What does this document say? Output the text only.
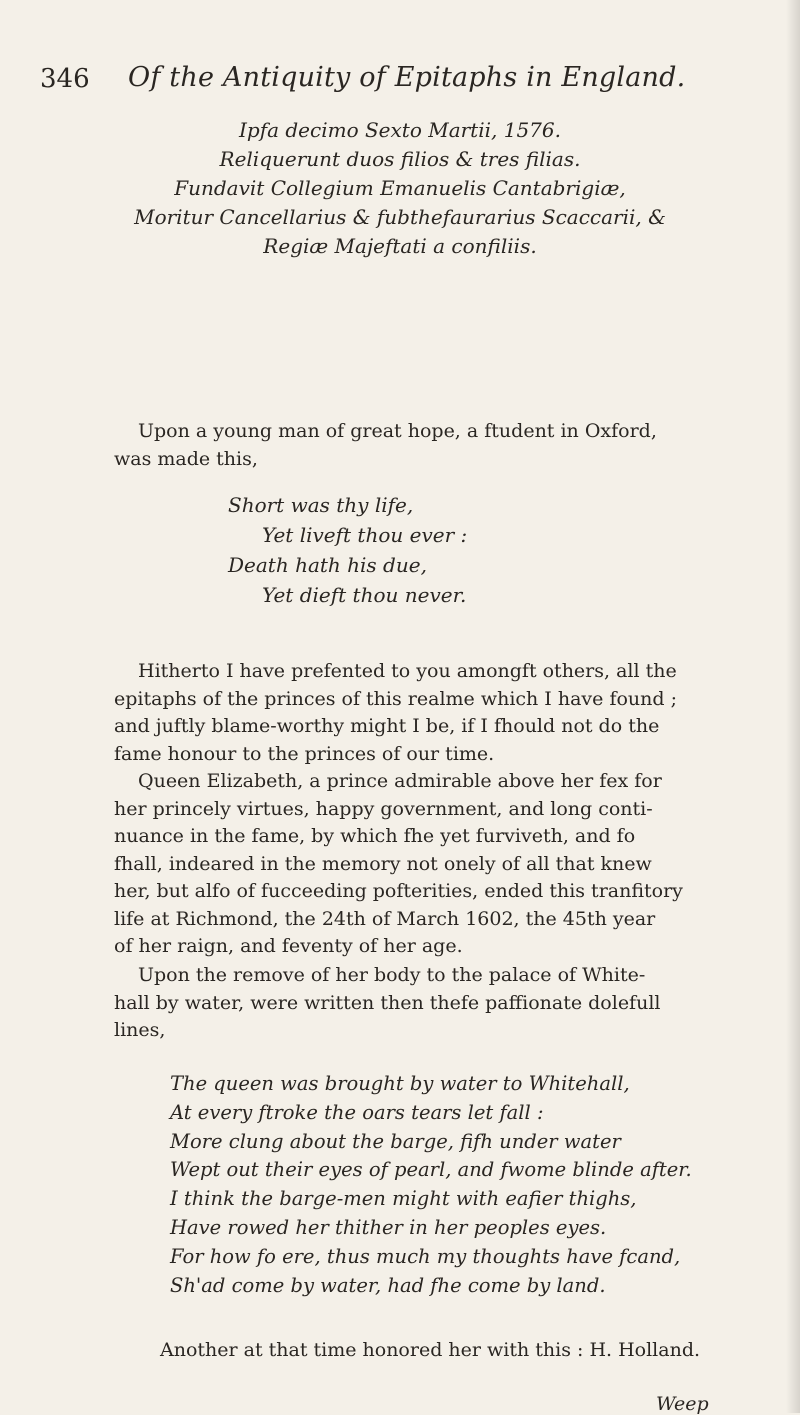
346 Of the Antiquity of Epitaphs in England.
Ipfa decimo Sexto Martii, 1576.
Reliquerunt duos filios & tres filias.
Fundavit Collegium Emanuelis Cantabrigiæ,
Moritur Cancellarius & fubthefaurarius Scaccarii, &
Regiæ Majeftati a confiliis.
Upon a young man of great hope, a ftudent in Oxford,
was made this,
Short was thy life,
Yet liveft thou ever :
Death hath his due,
Yet dieft thou never.
Hitherto I have prefented to you amongft others, all the
epitaphs of the princes of this realme which I have found ;
and juftly blame-worthy might I be, if I fhould not do the
fame honour to the princes of our time.
Queen Elizabeth, a prince admirable above her fex for
her princely virtues, happy government, and long conti-
nuance in the fame, by which fhe yet furviveth, and fo
fhall, indeared in the memory not onely of all that knew
her, but alfo of fucceeding pofterities, ended this tranfitory
life at Richmond, the 24th of March 1602, the 45th year
of her raign, and feventy of her age.
Upon the remove of her body to the palace of White-
hall by water, were written then thefe paffionate dolefull
lines,
The queen was brought by water to Whitehall,
At every ftroke the oars tears let fall :
More clung about the barge, fifh under water
Wept out their eyes of pearl, and fwome blinde after.
I think the barge-men might with eafier thighs,
Have rowed her thither in her peoples eyes.
For how fo ere, thus much my thoughts have fcand,
Sh'ad come by water, had fhe come by land.
Another at that time honored her with this : H. Holland.
Weep
